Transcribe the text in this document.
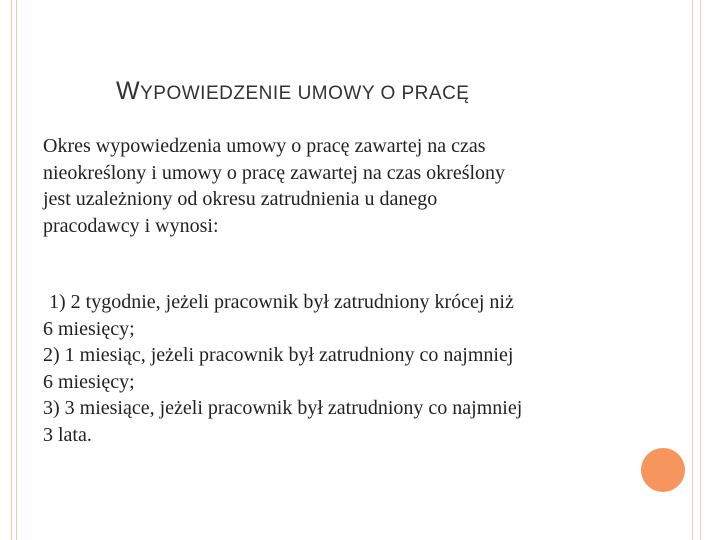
WYPOWIEDZENIE UMOWY O PRACĘ

Okres wypowiedzenia umowy o pracę zawartej na czas
nieokreślony i umowy o pracę zawartej na czas określony
jest uzależniony od okresu zatrudnienia u danego
pracodawcy i wynosi:

1) 2 tygodnie, jeżeli pracownik był zatrudniony krócej niż
6 miesięcy;

2) 1 miesiąc, jeżeli pracownik był zatrudniony co najmniej
6 miesięcy;

3) 3 miesiące, jeżeli pracownik był zatrudniony co najmniej
3 lata.
